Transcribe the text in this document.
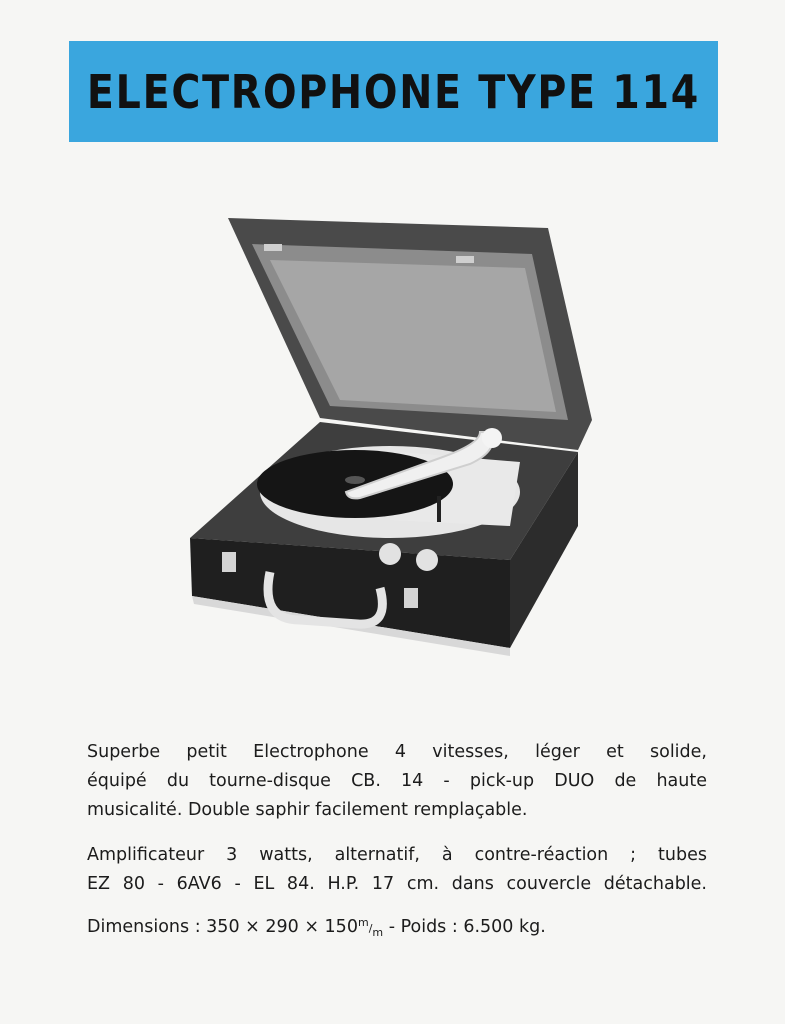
ELECTROPHONE TYPE 114
Superbe petit Electrophone 4 vitesses, léger et solide,
équipé du tourne-disque CB. 14 - pick-up DUO de haute
musicalité. Double saphir facilement remplaçable.
Amplificateur 3 watts, alternatif, à contre-réaction ; tubes
EZ 80 - 6AV6 - EL 84. H.P. 17 cm. dans couvercle détachable.
Dimensions : 350 × 290 × 150m/m - Poids : 6.500 kg.
